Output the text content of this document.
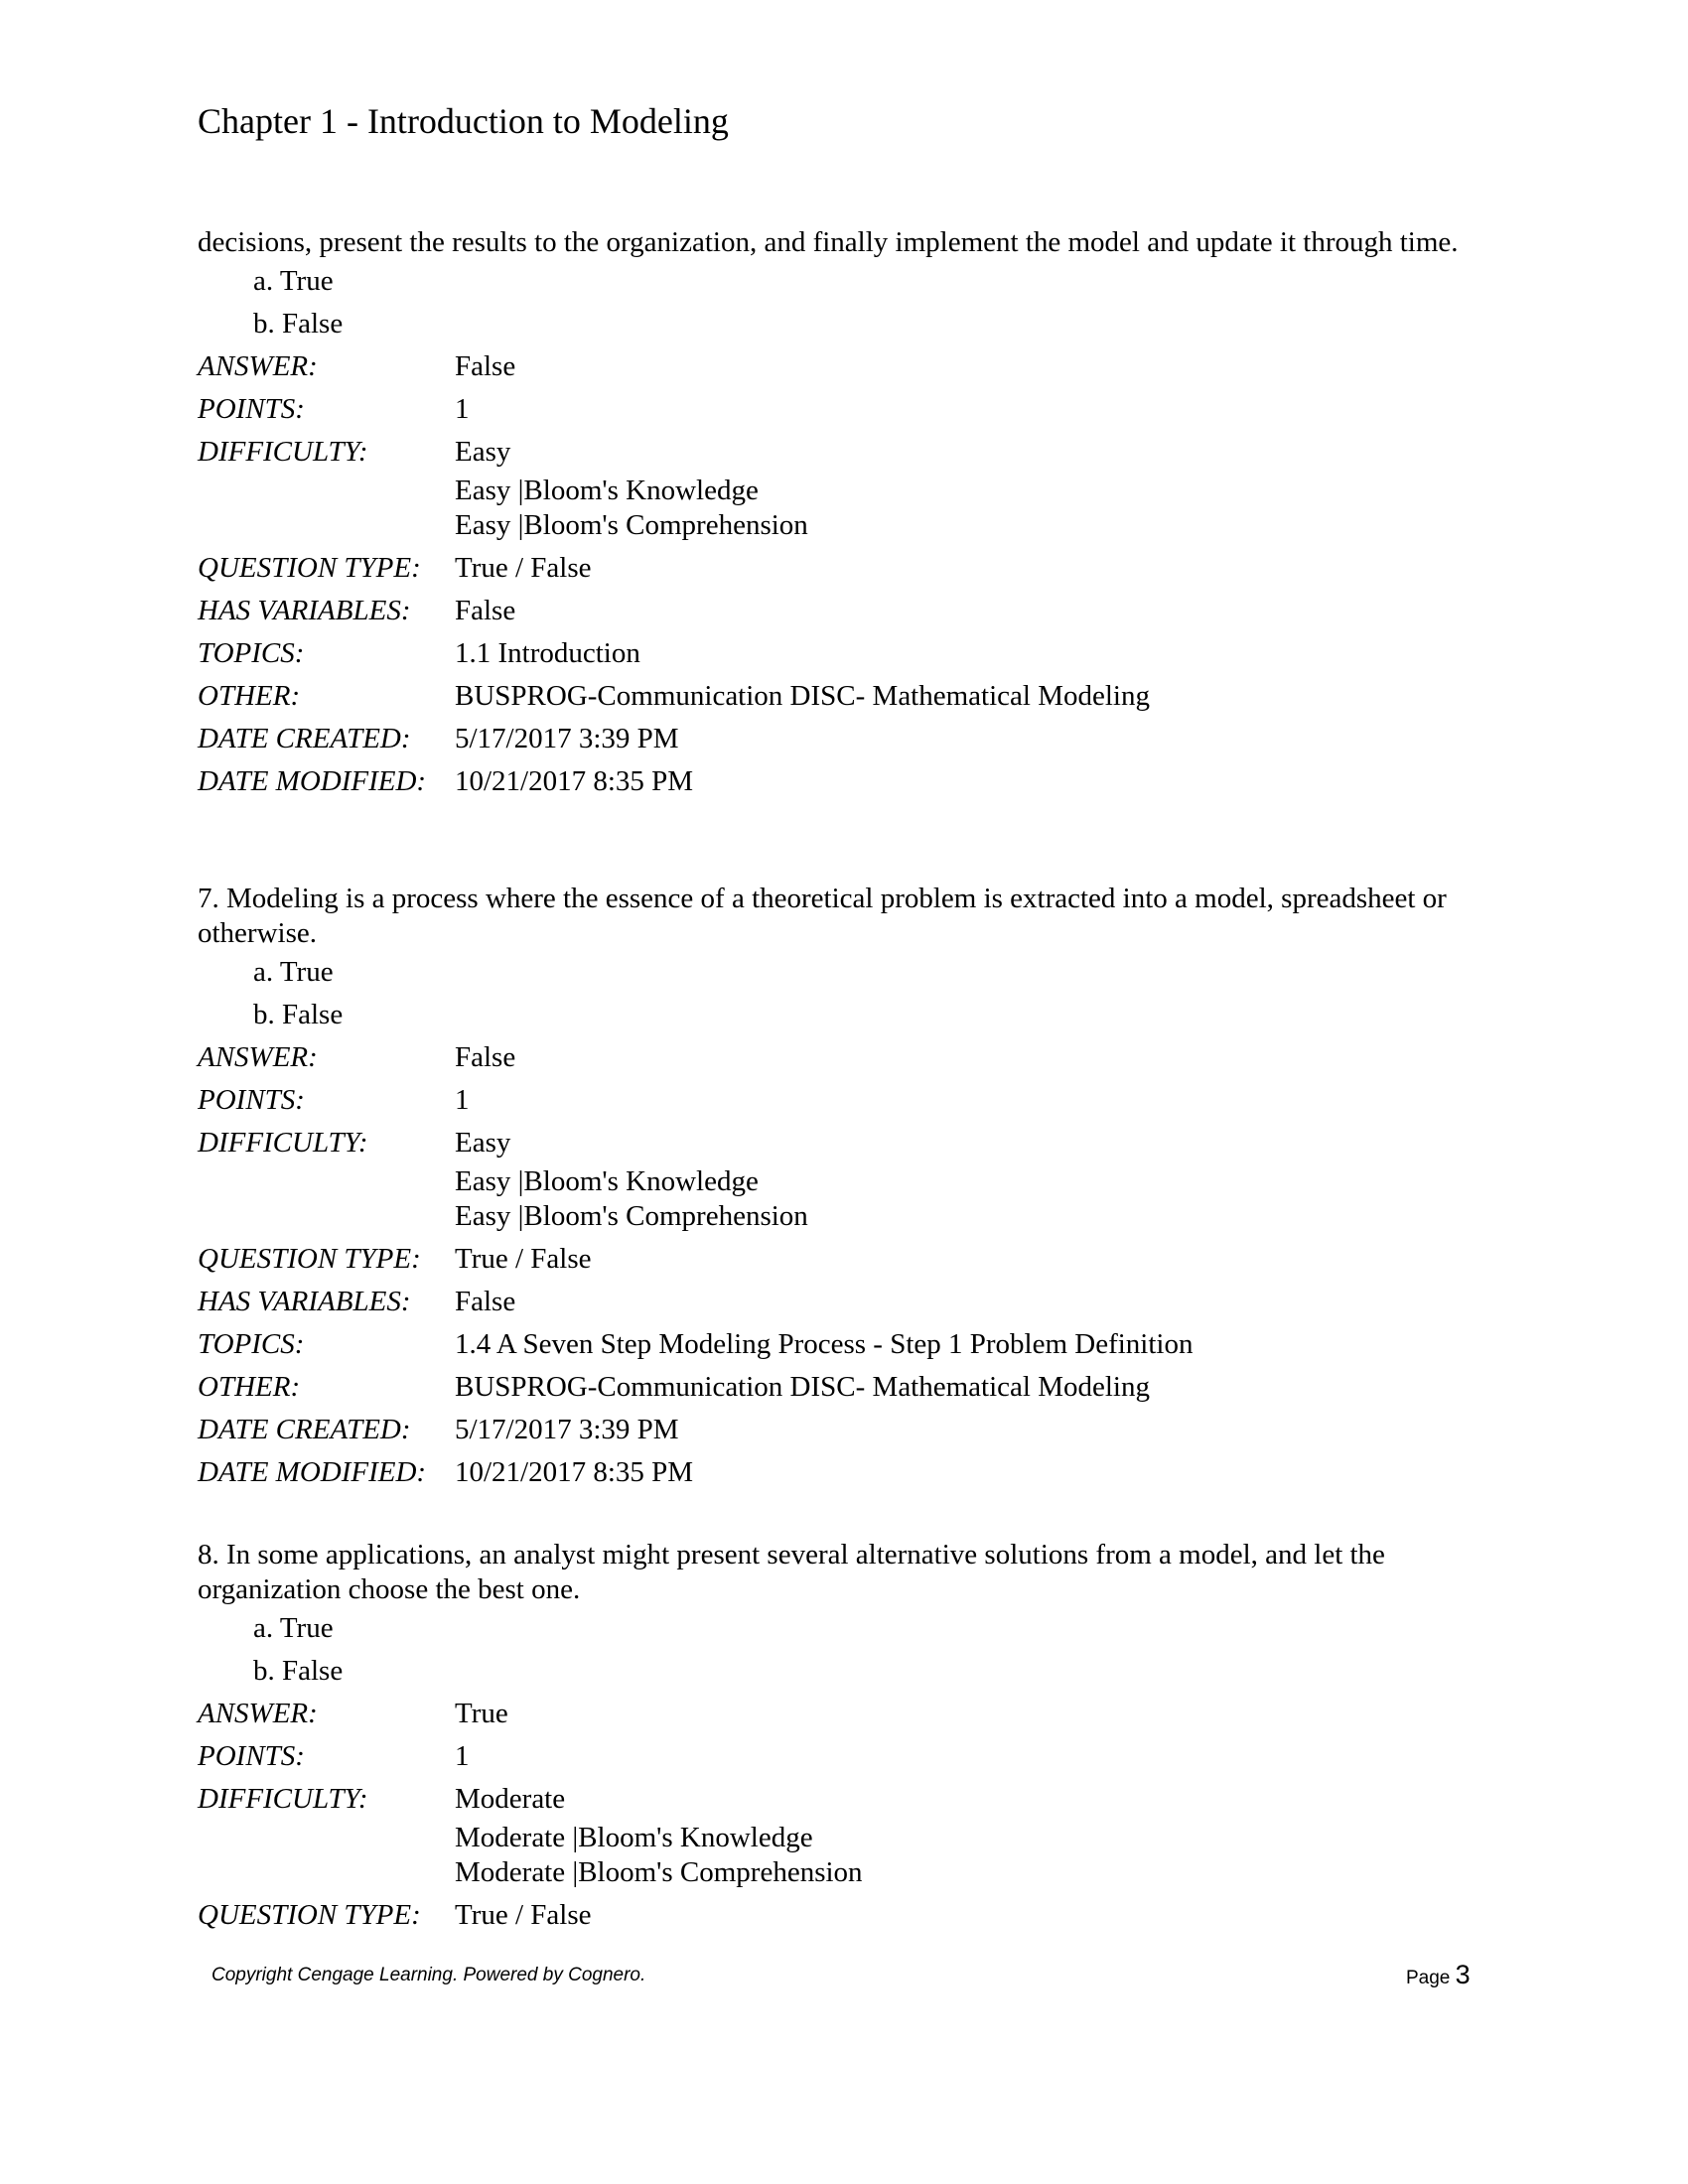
Chapter 1 - Introduction to Modeling

decisions, present the results to the organization, and finally implement the model and update it through time.

a. True
b. False
ANSWER:	False
POINTS:	1
DIFFICULTY:	Easy
Easy |Bloom's Knowledge
Easy |Bloom's Comprehension

QUESTION TYPE:	True / False
HAS VARIABLES:	False
TOPICS:	1.1 Introduction
OTHER:	BUSPROG-Communication DISC- Mathematical Modeling
DATE CREATED:	5/17/2017 3:39 PM
DATE MODIFIED:	10/21/2017 8:35 PM

7. Modeling is a process where the essence of a theoretical problem is extracted into a model, spreadsheet or otherwise.

a. True
b. False
ANSWER:	False
POINTS:	1
DIFFICULTY:	Easy
Easy |Bloom's Knowledge
Easy |Bloom's Comprehension

QUESTION TYPE:	True / False
HAS VARIABLES:	False
TOPICS:	1.4 A Seven Step Modeling Process - Step 1 Problem Definition
OTHER:	BUSPROG-Communication DISC- Mathematical Modeling
DATE CREATED:	5/17/2017 3:39 PM
DATE MODIFIED:	10/21/2017 8:35 PM

8. In some applications, an analyst might present several alternative solutions from a model, and let the organization choose the best one.

a. True
b. False
ANSWER:	True
POINTS:	1
DIFFICULTY:	Moderate
Moderate |Bloom's Knowledge
Moderate |Bloom's Comprehension

QUESTION TYPE:	True / False
Copyright Cengage Learning. Powered by Cognero.	Page 3
